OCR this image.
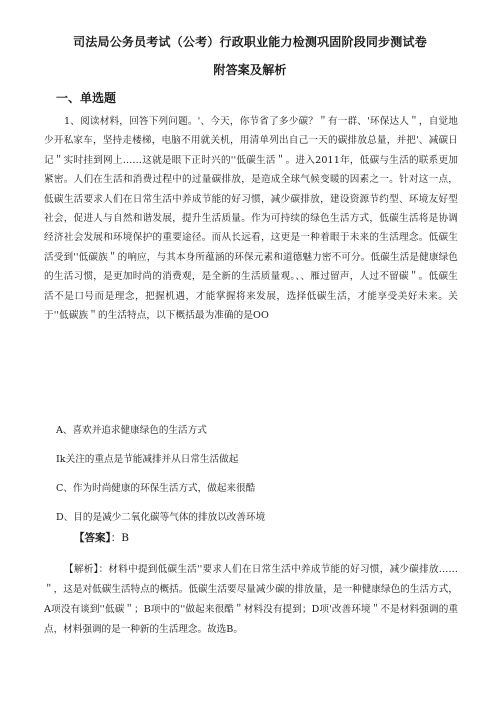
司法局公务员考试（公考）行政职业能力检测巩固阶段同步测试卷
附答案及解析
一、单选题

1、阅读材料，回答下列问题。'、今天，你节省了多少碳？＂有一群、'环保达人＂，自觉地少开私家车，坚持走楼梯，电脑不用就关机，用清单列出自己一天的碳排放总量，并把'、减碳日记＂实时挂到网上……这就是眼下正时兴的''低碳生活＂。进入2011年，低碳与生活的联系更加紧密。人们在生活和消费过程中的过量碳排放，是造成全球气候变暖的因素之一。针对这一点，低碳生活要求人们在日常生活中养成节能的好习惯，减少碳排放，建设资源节约型、环境友好型社会，促进人与自然和谐发展，提升生活质量。作为可持续的绿色生活方式，低碳生活将是协调经济社会发展和环境保护的重要途径。而从长远看，这更是一种着眼于未来的生活理念。低碳生活受到''低碳族＂的响应，与其本身所蕴涵的环保元素和道德魅力密不可分。低碳生活是健康绿色的生活习惯，是更加时尚的消费观，是全新的生活质量观。、、雁过留声，人过不留碳＂。低碳生活不是口号而是理念，把握机遇，才能掌握将来发展，选择低碳生活，才能享受美好未来。关于''低碳族＂的生活特点，以下概括最为准确的是OO

A、喜欢并追求健康绿色的生活方式
Ik关注的重点是节能减排并从日常生活做起
C、作为时尚健康的环保生活方式，做起来很酷
D、目的是减少二氧化碳等气体的排放以改善环境
【答案】：B

【解析】：材料中提到低碳生活''要求人们在日常生活中养成节能的好习惯，减少碳排放……＂，这是对低碳生活特点的概括。低碳生活要尽量减少碳的排放量，是一种健康绿色的生活方式，A项没有谈到''低碳＂；B项中的''做起来很酷＂材料没有提到；D项'改善环境＂不是材料强调的重点，材料强调的是一种新的生活理念。故选B。
